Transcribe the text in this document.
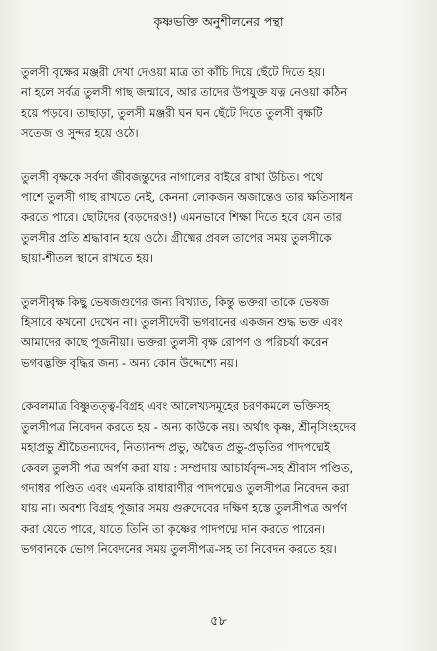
কৃষ্ণভক্তি অনুশীলনের পন্থা

তুলসী বৃক্ষের মঞ্জরী দেখা দেওয়া মাত্র তা কাঁচি দিয়ে ছেঁটে দিতে হয়।
না হলে সর্বত্র তুলসী গাছ জন্মাবে, আর তাদের উপযুক্ত যত্ন নেওয়া কঠিন
হয়ে পড়বে। তাছাড়া, তুলসী মঞ্জরী ঘন ঘন ছেঁটে দিতে তুলসী বৃক্ষটি
সতেজ ও সুন্দর হয়ে ওঠে।

তুলসী বৃক্ষকে সর্বদা জীবজন্তুদের নাগালের বাইরে রাখা উচিত। পথে
পাশে তুলসী গাছ রাখতে নেই, কেননা লোকজন অজান্তেও তার ক্ষতিসাধন
করতে পারে। ছোটদের (বড়দেরও!) এমনভাবে শিক্ষা দিতে হবে যেন তার
তুলসীর প্রতি শ্রদ্ধাবান হয়ে ওঠে। গ্রীষ্মের প্রবল তাপের সময় তুলসীকে
ছায়া-শীতল স্থানে রাখতে হয়।

তুলসীবৃক্ষ কিছু ভেষজগুণের জন্য বিখ্যাত, কিন্তু ভক্তরা তাকে ভেষজ
হিসাবে কখনো দেখেন না। তুলসীদেবী ভগবানের একজন শুদ্ধ ভক্ত এবং
আমাদের কাছে পূজনীয়া। ভক্তরা তুলসী বৃক্ষ রোপণ ও পরিচর্যা করেন
ভগবদ্ভক্তি বৃদ্ধির জন্য - অন্য কোন উদ্দেশ্যে নয়।

কেবলমাত্র বিষ্ণুতত্ত্ব-বিগ্রহ এবং আলেখ্যসমূহের চরণকমলে ভক্তিসহ
তুলসীপত্র নিবেদন করতে হয় - অন্য কাউকে নয়। অর্থাৎ কৃষ্ণ, শ্রীনৃসিংহদেব
মহাপ্রভু শ্রীচৈতন্যদেব, নিত্যানন্দ প্রভু, অদ্বৈত প্রভু-প্রভৃতির পাদপদ্মেই
কেবল তুলসী পত্র অর্পণ করা যায় : সম্প্রদায় আচার্যবৃন্দ-সহ শ্রীবাস পণ্ডিত,
গদাধর পণ্ডিত এবং এমনকি রাধারাণীর পাদপদ্মেও তুলসীপত্র নিবেদন করা
যায় না। অবশ্য বিগ্রহ পূজার সময় গুরুদেবের দক্ষিণ হস্তে তুলসীপত্র অর্পণ
করা যেতে পারে, যাতে তিনি তা কৃষ্ণের পাদপদ্মে দান করতে পারেন।
ভগবানকে ভোগ নিবেদনের সময় তুলসীপত্র-সহ তা নিবেদন করতে হয়।

৫৮
